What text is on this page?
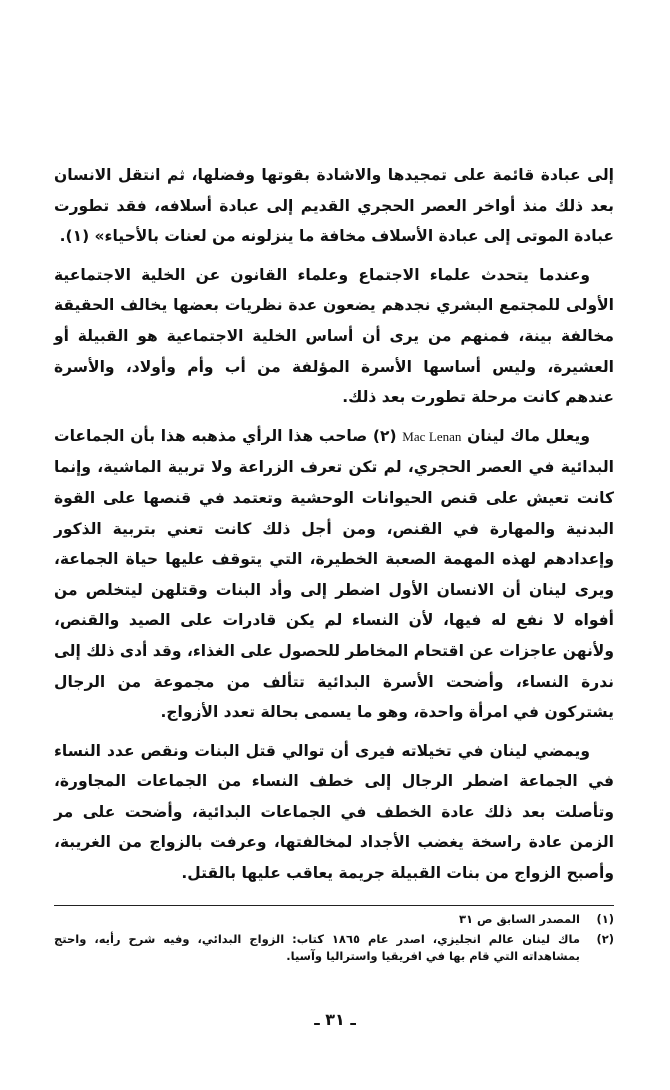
إلى عبادة قائمة على تمجيدها والاشادة بقوتها وفضلها، ثم انتقل الانسان بعد ذلك منذ أواخر العصر الحجري القديم إلى عبادة أسلافه، فقد تطورت عبادة الموتى إلى عبادة الأسلاف مخافة ما ينزلونه من لعنات بالأحياء» (١).

وعندما يتحدث علماء الاجتماع وعلماء القانون عن الخلية الاجتماعية الأولى للمجتمع البشري نجدهم يضعون عدة نظريات بعضها يخالف الحقيقة مخالفة بينة، فمنهم من يرى أن أساس الخلية الاجتماعية هو القبيلة أو العشيرة، وليس أساسها الأسرة المؤلفة من أب وأم وأولاد، والأسرة عندهم كانت مرحلة تطورت بعد ذلك.

ويعلل ماك لينان Mac Lenan (٢) صاحب هذا الرأي مذهبه هذا بأن الجماعات البدائية في العصر الحجري، لم تكن تعرف الزراعة ولا تربية الماشية، وإنما كانت تعيش على قنص الحيوانات الوحشية وتعتمد في قنصها على القوة البدنية والمهارة في القنص، ومن أجل ذلك كانت تعني بتربية الذكور وإعدادهم لهذه المهمة الصعبة الخطيرة، التي يتوقف عليها حياة الجماعة، ويرى لينان أن الانسان الأول اضطر إلى وأد البنات وقتلهن ليتخلص من أفواه لا نفع له فيها، لأن النساء لم يكن قادرات على الصيد والقنص، ولأنهن عاجزات عن اقتحام المخاطر للحصول على الغذاء، وقد أدى ذلك إلى ندرة النساء، وأضحت الأسرة البدائية تتألف من مجموعة من الرجال يشتركون في امرأة واحدة، وهو ما يسمى بحالة تعدد الأزواج.

ويمضي لينان في تخيلاته فيرى أن توالي قتل البنات ونقص عدد النساء في الجماعة اضطر الرجال إلى خطف النساء من الجماعات المجاورة، وتأصلت بعد ذلك عادة الخطف في الجماعات البدائية، وأضحت على مر الزمن عادة راسخة يغضب الأجداد لمخالفتها، وعرفت بالزواج من الغريبة، وأصبح الزواج من بنات القبيلة جريمة يعاقب عليها بالقتل.

(١)
المصدر السابق ص ٣١
(٢)
ماك لينان عالم انجليزي، اصدر عام ١٨٦٥ كتاب: الزواج البدائي، وفيه شرح رأيه، واحتج بمشاهداته التي قام بها في افريقيا واستراليا وآسيا.
ـ ٣١ ـ
